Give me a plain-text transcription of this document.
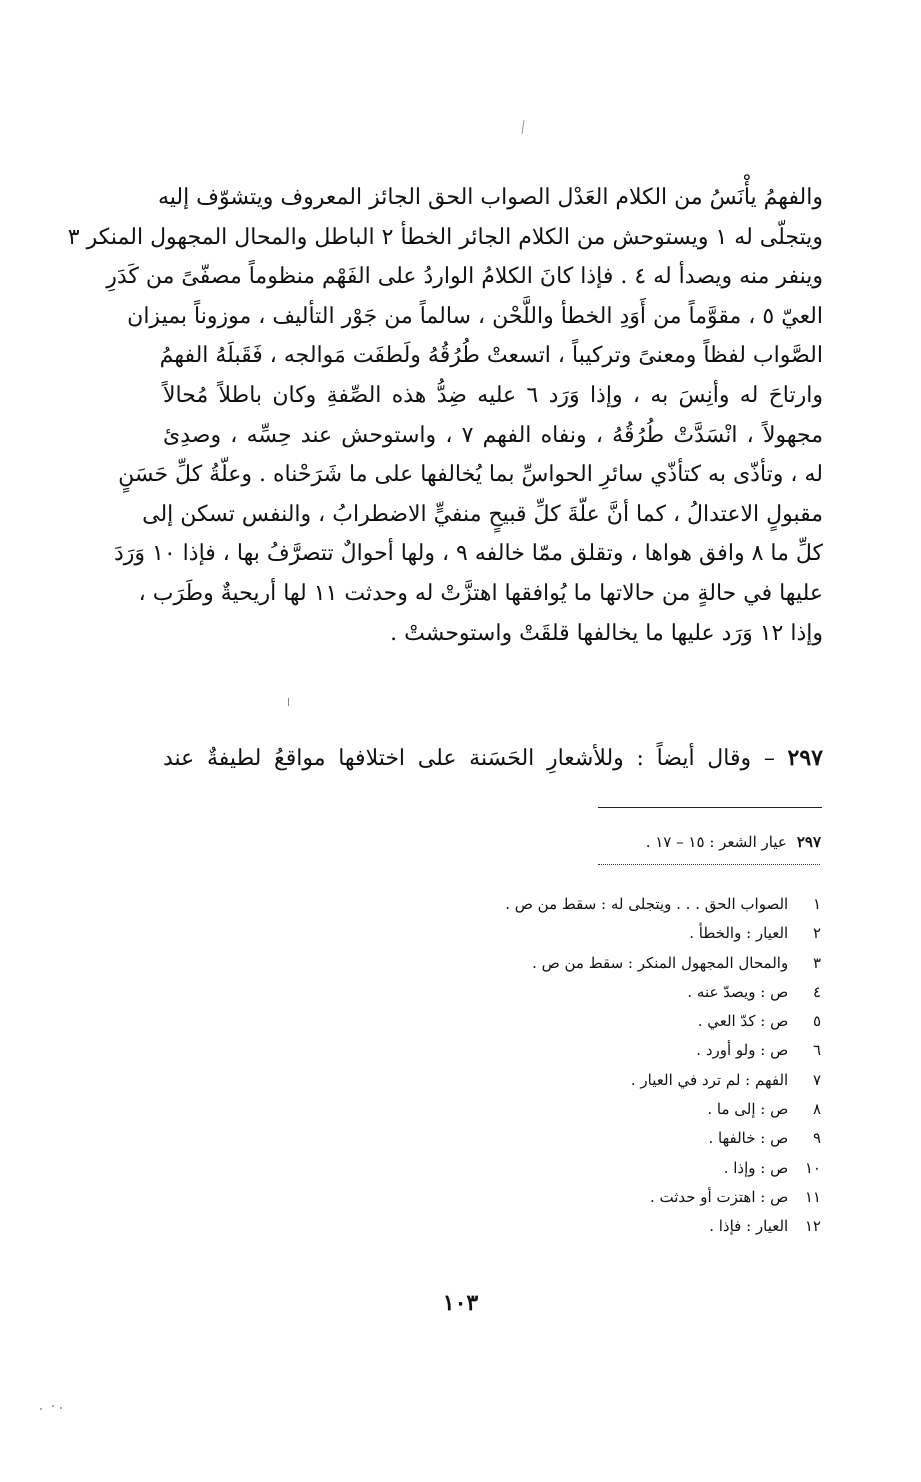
والفهمُ يأْنَسُ من الكلام العَدْل الصواب الحق الجائز المعروف ويتشوّف إليه
ويتجلّى له ١ ويستوحش من الكلام الجائر الخطأ ٢ الباطل والمحال المجهول المنكر ٣
وينفر منه ويصدأ له ٤ . فإذا كانَ الكلامُ الواردُ على الفَهْم منظوماً مصفّىً من كَدَرِ
العيّ ٥ ، مقوَّماً من أَوَدِ الخطأ واللَّحْن ، سالماً من جَوْر التأليف ، موزوناً بميزان
الصَّواب لفظاً ومعنىً وتركيباً ، اتسعتْ طُرُقُهُ ولَطفَت مَوالجه ، فَقَبلَهُ الفهمُ
وارتاحَ له وأنِسَ به ، وإذا وَرَد ٦ عليه ضِدُّ هذه الصِّفةِ وكان باطلاً مُحالاً
مجهولاً ، انْسَدَّتْ طُرُقُهُ ، ونفاه الفهم ٧ ، واستوحش عند حِسِّه ، وصدِئ
له ، وتأذّى به كتأذّي سائرِ الحواسِّ بما يُخالفها على ما شَرَحْناه . وعلّةُ كلِّ حَسَنٍ
مقبولٍ الاعتدالُ ، كما أنَّ علّةَ كلِّ قبيحٍ منفيٍّ الاضطرابُ ، والنفس تسكن إلى
كلِّ ما ٨ وافق هواها ، وتقلق ممّا خالفه ٩ ، ولها أحوالٌ تتصرَّفُ بها ، فإذا ١٠ وَرَدَ
عليها في حالةٍ من حالاتها ما يُوافقها اهتزَّتْ له وحدثت ١١ لها أريحيةٌ وطَرَب ،
وإذا ١٢ وَرَد عليها ما يخالفها قلقَتْ واستوحشتْ .
٢٩٧ – وقال أيضاً : وللأشعارِ الحَسَنة على اختلافها مواقعُ لطيفةٌ عند
٢٩٧عيار الشعر : ١٥ – ١٧ .
١ الصواب الحق . . . ويتجلى له : سقط من ص .
٢ العيار : والخطأ .
٣ والمحال المجهول المنكر : سقط من ص .
٤ ص : ويصدّ عنه .
٥ ص : كدّ العي .
٦ ص : ولو أورد .
٧ الفهم : لم ترد في العيار .
٨ ص : إلى ما .
٩ ص : خالفها .
١٠ ص : وإذا .
١١ ص : اهتزت أو حدثت .
١٢ العيار : فإذا .
١٠٣
